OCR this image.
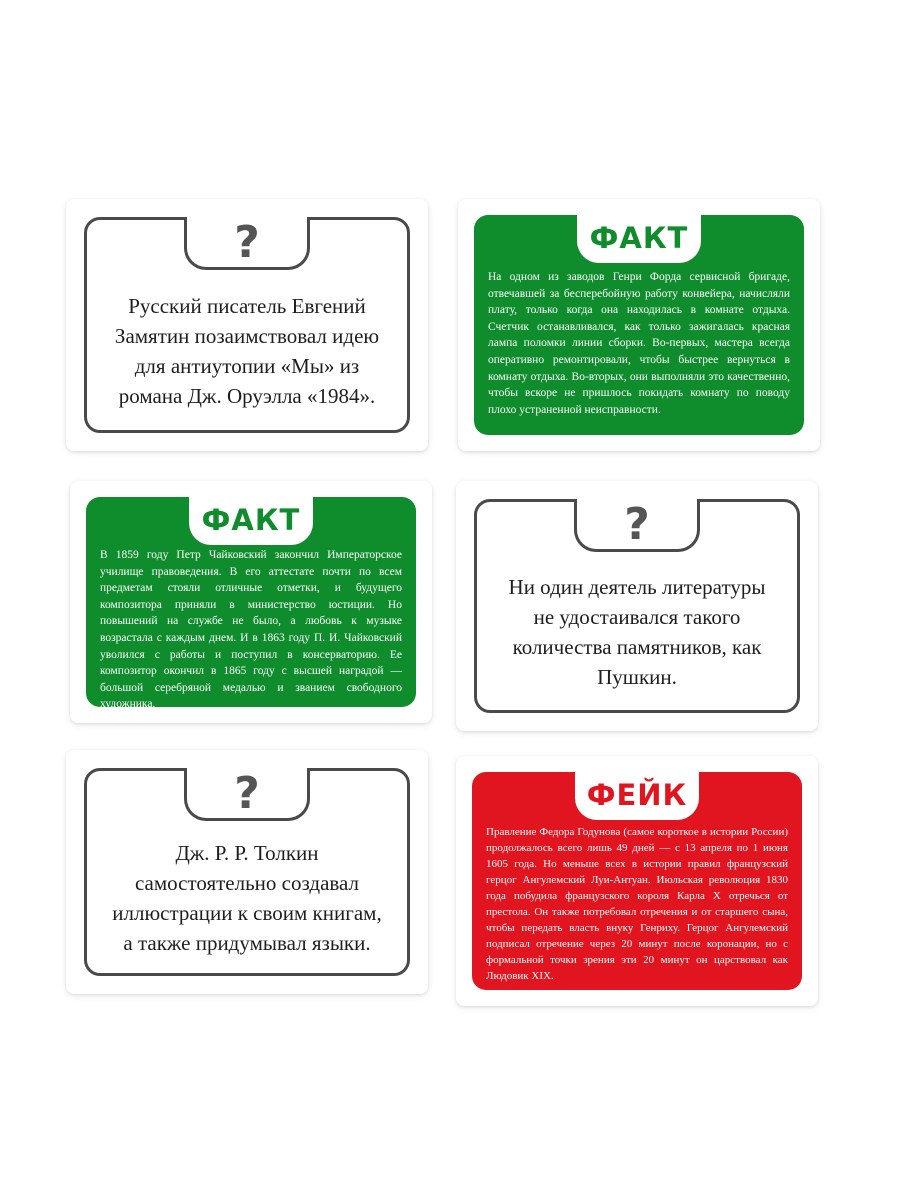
?
Русский писатель Евгений Замятин позаимствовал идею для антиутопии «Мы» из романа Дж. Оруэлла «1984».
ФАКТ
На одном из заводов Генри Форда сервисной бригаде, отвечавшей за бесперебойную работу конвейера, начисляли плату, только когда она находилась в комнате отдыха. Счетчик останавливался, как только зажигалась красная лампа поломки линии сборки. Во-первых, мастера всегда оперативно ремонтировали, чтобы быстрее вернуться в комнату отдыха. Во-вторых, они выполняли это качественно, чтобы вскоре не пришлось покидать комнату по поводу плохо устраненной неисправности.
ФАКТ
В 1859 году Петр Чайковский закончил Императорское училище правоведения. В его аттестате почти по всем предметам стояли отличные отметки, и будущего композитора приняли в министерство юстиции. Но повышений на службе не было, а любовь к музыке возрастала с каждым днем. И в 1863 году П. И. Чайковский уволился с работы и поступил в консерваторию. Ее композитор окончил в 1865 году с высшей наградой — большой серебряной медалью и званием свободного художника.
?
Ни один деятель литературы не удостаивался такого количества памятников, как Пушкин.
?
Дж. Р. Р. Толкин самостоятельно создавал иллюстрации к своим книгам, а также придумывал языки.
ФЕЙК
Правление Федора Годунова (самое короткое в истории России) продолжалось всего лишь 49 дней — с 13 апреля по 1 июня 1605 года. Но меньше всех в истории правил французский герцог Ангулемский Луи-Антуан. Июльская революция 1830 года побудила французского короля Карла X отречься от престола. Он также потребовал отречения и от старшего сына, чтобы передать власть внуку Генриху. Герцог Ангулемский подписал отречение через 20 минут после коронации, но с формальной точки зрения эти 20 минут он царствовал как Людовик XIX.
